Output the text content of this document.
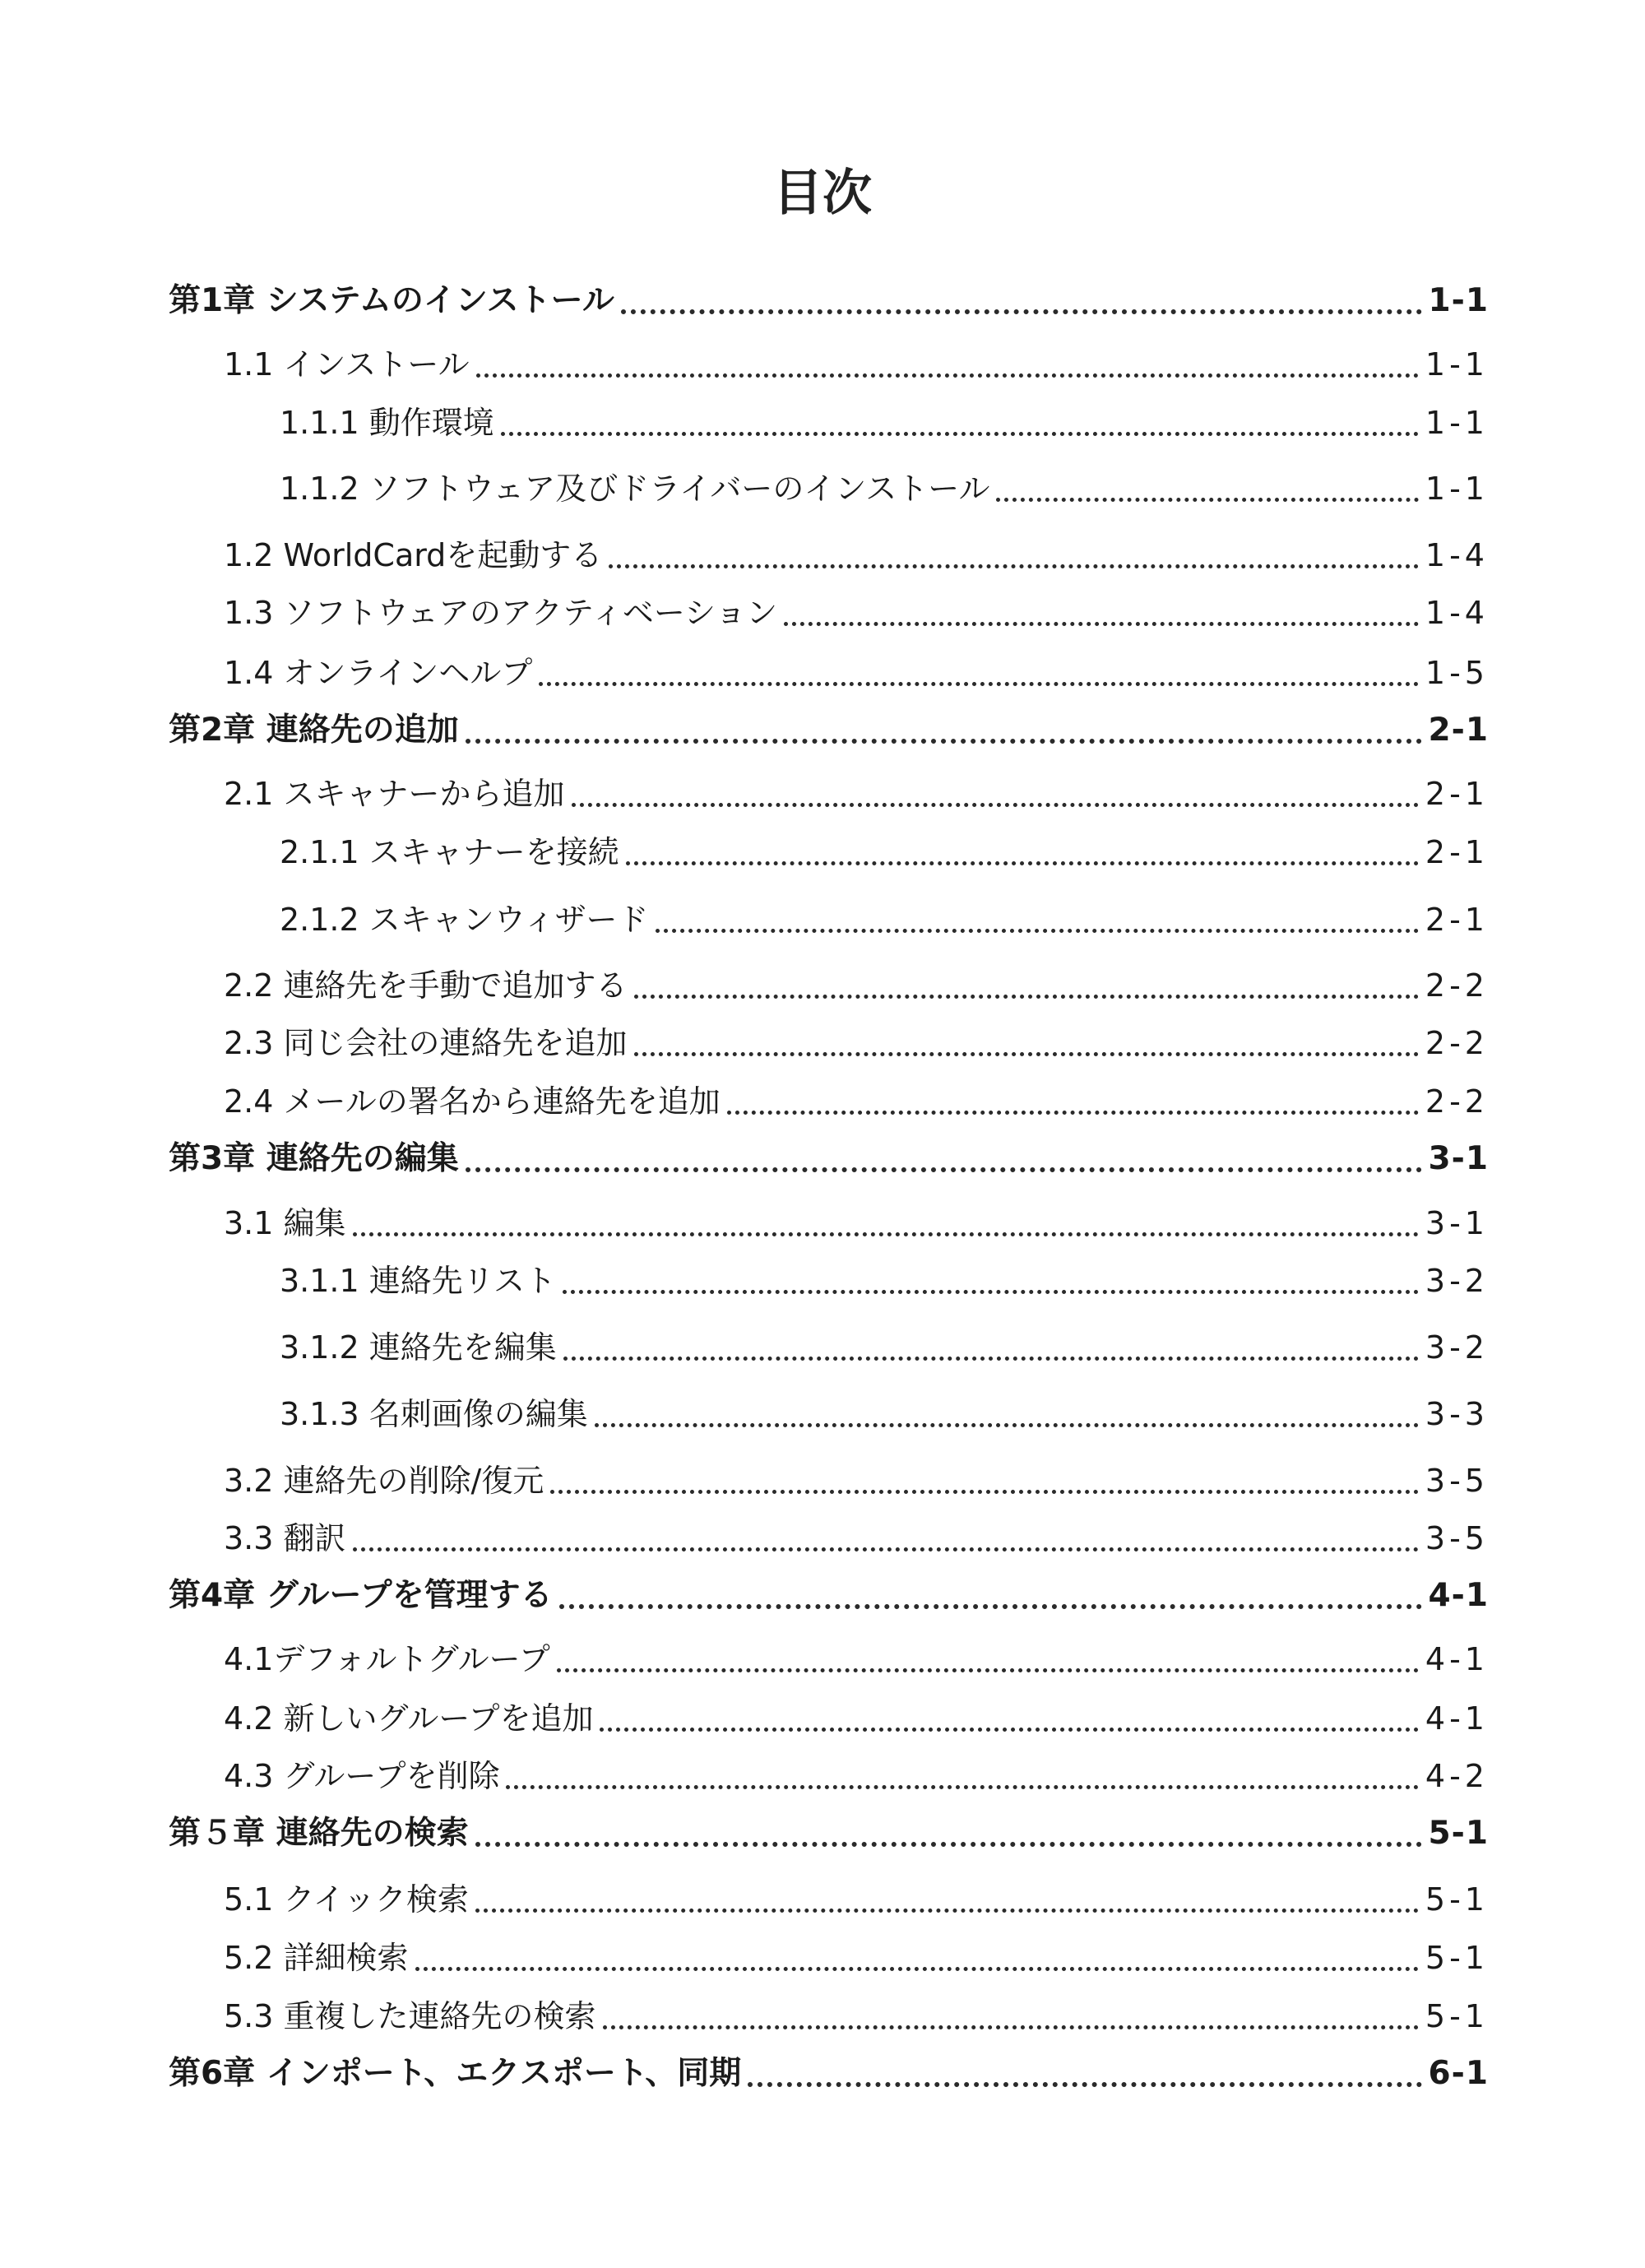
目次
第1章 システムのインストール	1-1
1.1 インストール	1-1
1.1.1 動作環境	1-1
1.1.2 ソフトウェア及びドライバーのインストール	1-1
1.2 WorldCardを起動する	1-4
1.3 ソフトウェアのアクティベーション	1-4
1.4 オンラインヘルプ	1-5
第2章 連絡先の追加	2-1
2.1 スキャナーから追加	2-1
2.1.1 スキャナーを接続	2-1
2.1.2 スキャンウィザード	2-1
2.2 連絡先を手動で追加する	2-2
2.3 同じ会社の連絡先を追加	2-2
2.4 メールの署名から連絡先を追加	2-2
第3章 連絡先の編集	3-1
3.1 編集	3-1
3.1.1 連絡先リスト	3-2
3.1.2 連絡先を編集	3-2
3.1.3 名刺画像の編集	3-3
3.2 連絡先の削除/復元	3-5
3.3 翻訳	3-5
第4章 グループを管理する	4-1
4.1デフォルトグループ	4-1
4.2 新しいグループを追加	4-1
4.3 グループを削除	4-2
第５章 連絡先の検索	5-1
5.1 クイック検索	5-1
5.2 詳細検索	5-1
5.3 重複した連絡先の検索	5-1
第6章 インポート、エクスポート、同期	6-1
